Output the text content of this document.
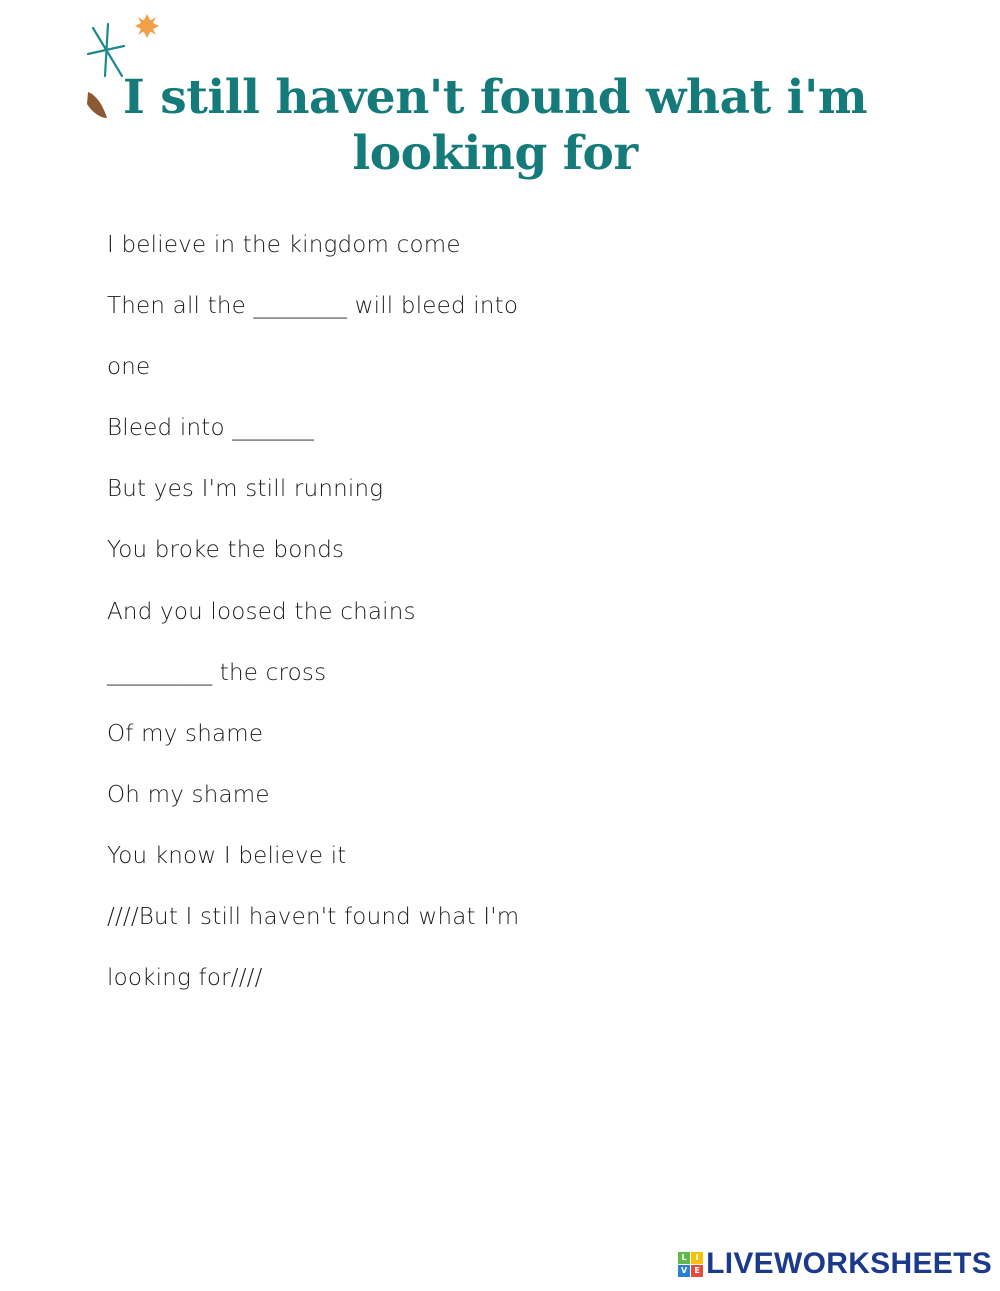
I still haven't found what i'm looking for
I believe in the kingdom come
Then all the ________ will bleed into
one
Bleed into _______
But yes I'm still running
You broke the bonds
And you loosed the chains
_________ the cross
Of my shame
Oh my shame
You know I believe it
////But I still haven't found what I'm
looking for////
L	I
V E LIVEWORKSHEETS
